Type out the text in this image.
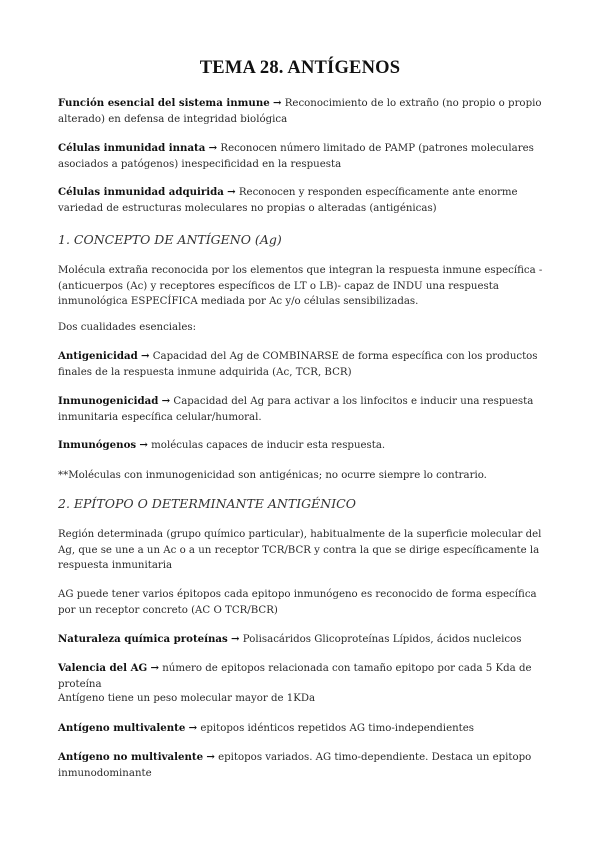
TEMA 28. ANTÍGENOS
Función esencial del sistema inmune → Reconocimiento de lo extraño (no propio o propio alterado) en defensa de integridad biológica
Células inmunidad innata → Reconocen número limitado de PAMP (patrones moleculares asociados a patógenos) inespecificidad en la respuesta
Células inmunidad adquirida → Reconocen y responden específicamente ante enorme variedad de estructuras moleculares no propias o alteradas (antigénicas)
1. CONCEPTO DE ANTÍGENO (Ag)
Molécula extraña reconocida por los elementos que integran la respuesta inmune específica -(anticuerpos (Ac) y receptores específicos de LT o LB)- capaz de INDU una respuesta inmunológica ESPECÍFICA mediada por Ac y/o células sensibilizadas.
Dos cualidades esenciales:
Antigenicidad → Capacidad del Ag de COMBINARSE de forma específica con los productos finales de la respuesta inmune adquirida (Ac, TCR, BCR)
Inmunogenicidad → Capacidad del Ag para activar a los linfocitos e inducir una respuesta inmunitaria específica celular/humoral.
Inmunógenos → moléculas capaces de inducir esta respuesta.
**Moléculas con inmunogenicidad son antigénicas; no ocurre siempre lo contrario.
2. EPÍTOPO O DETERMINANTE ANTIGÉNICO
Región determinada (grupo químico particular), habitualmente de la superficie molecular del Ag, que se une a un Ac o a un receptor TCR/BCR y contra la que se dirige específicamente la respuesta inmunitaria
AG puede tener varios épitopos cada epitopo inmunógeno es reconocido de forma específica por un receptor concreto (AC O TCR/BCR)
Naturaleza química proteínas → Polisacáridos Glicoproteínas Lípidos, ácidos nucleicos
Valencia del AG → número de epitopos relacionada con tamaño epitopo por cada 5 Kda de proteína
Antígeno tiene un peso molecular mayor de 1KDa
Antígeno multivalente → epitopos idénticos repetidos AG timo-independientes
Antígeno no multivalente → epitopos variados. AG timo-dependiente. Destaca un epitopo inmunodominante
